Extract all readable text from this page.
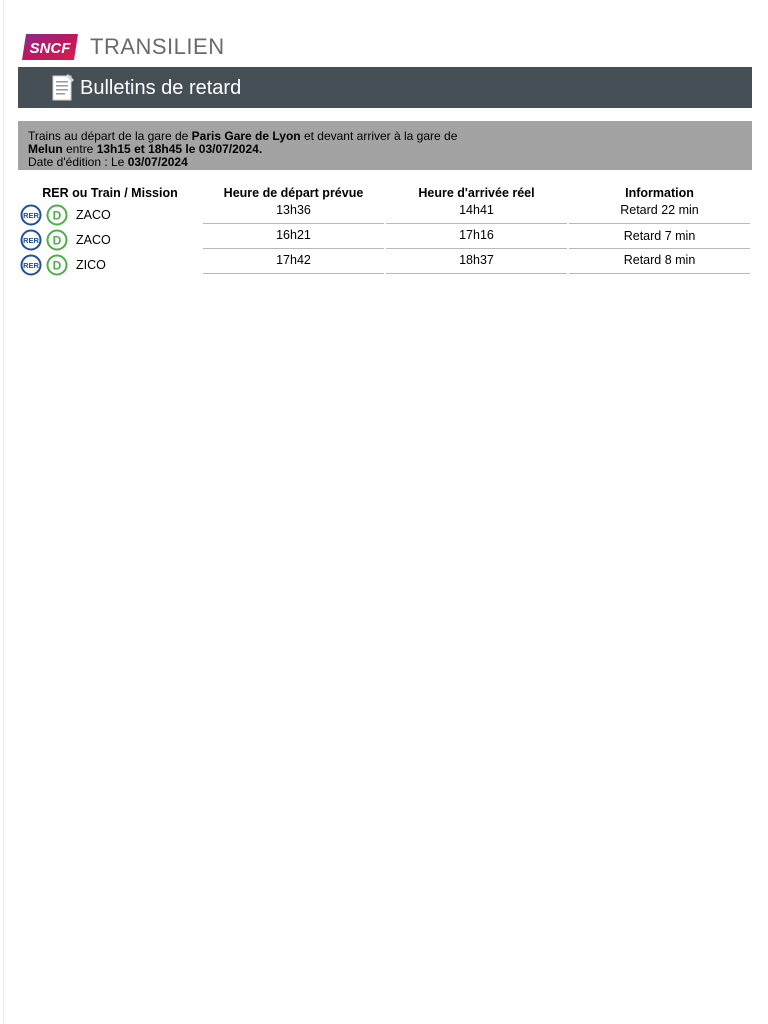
SNCF TRANSILIEN
Bulletins de retard
Trains au départ de la gare de Paris Gare de Lyon et devant arriver à la gare de
Melun entre 13h15 et 18h45 le 03/07/2024.
Date d'édition : Le 03/07/2024
RER ou Train / Mission	Heure de départ prévue	Heure d'arrivée réel	Information
RER D ZACO	13h36	14h41	Retard 22 min
RER D ZACO	16h21	17h16	Retard 7 min
RER D ZICO	17h42	18h37	Retard 8 min
